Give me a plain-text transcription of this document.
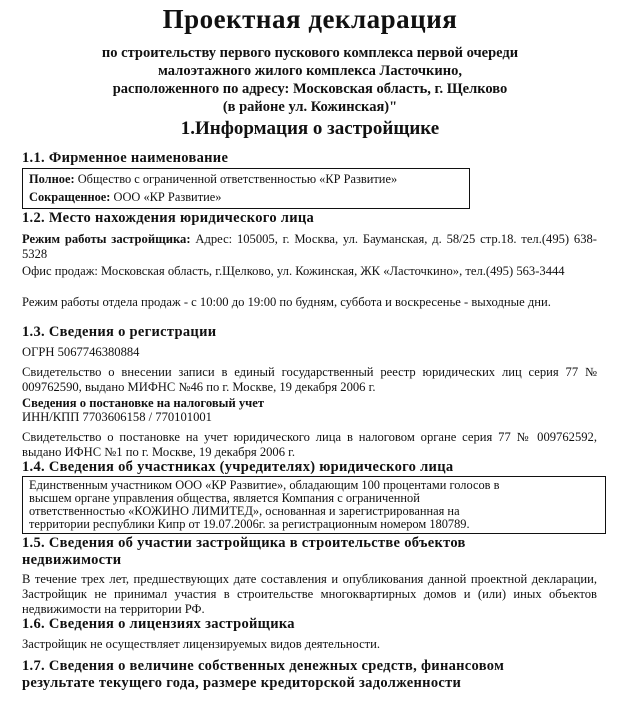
Проектная декларация
по строительству первого пускового комплекса первой очереди
малоэтажного жилого комплекса Ласточкино,
расположенного по адресу: Московская область, г. Щелково
(в районе ул. Кожинская)"
1.Информация о застройщике
1.1. Фирменное наименование
Полное: Общество с ограниченной ответственностью «КР Развитие»
Сокращенное: ООО «КР Развитие»
1.2. Место нахождения юридического лица
Режим работы застройщика: Адрес: 105005, г. Москва, ул. Бауманская, д. 58/25 стр.18. тел.(495) 638-5328
Офис продаж: Московская область, г.Щелково, ул. Кожинская, ЖК «Ласточкино», тел.(495) 563-3444
Режим работы отдела продаж - с 10:00 до 19:00 по будням, суббота и воскресенье - выходные дни.
1.3. Сведения о регистрации
ОГРН 5067746380884
Свидетельство о внесении записи в единый государственный реестр юридических лиц серия 77 № 009762590, выдано МИФНС №46 по г. Москве, 19 декабря 2006 г.
Сведения о постановке на налоговый учет
ИНН/КПП 7703606158 / 770101001
Свидетельство о постановке на учет юридического лица в налоговом органе серия 77 № 009762592, выдано ИФНС №1 по г. Москве, 19 декабря 2006 г.
1.4. Сведения об участниках (учредителях) юридического лица
Единственным участником ООО «КР Развитие», обладающим 100 процентами голосов в
высшем органе управления общества, является Компания с ограниченной
ответственностью «КОЖИНО ЛИМИТЕД», основанная и зарегистрированная на
территории республики Кипр от 19.07.2006г. за регистрационным номером 180789.
1.5. Сведения об участии застройщика в строительстве объектов
недвижимости
В течение трех лет, предшествующих дате составления и опубликования данной проектной декларации, Застройщик не принимал участия в строительстве многоквартирных домов и (или) иных объектов недвижимости на территории РФ.
1.6. Сведения о лицензиях застройщика
Застройщик не осуществляет лицензируемых видов деятельности.
1.7. Сведения о величине собственных денежных средств, финансовом
результате текущего года, размере кредиторской задолженности
